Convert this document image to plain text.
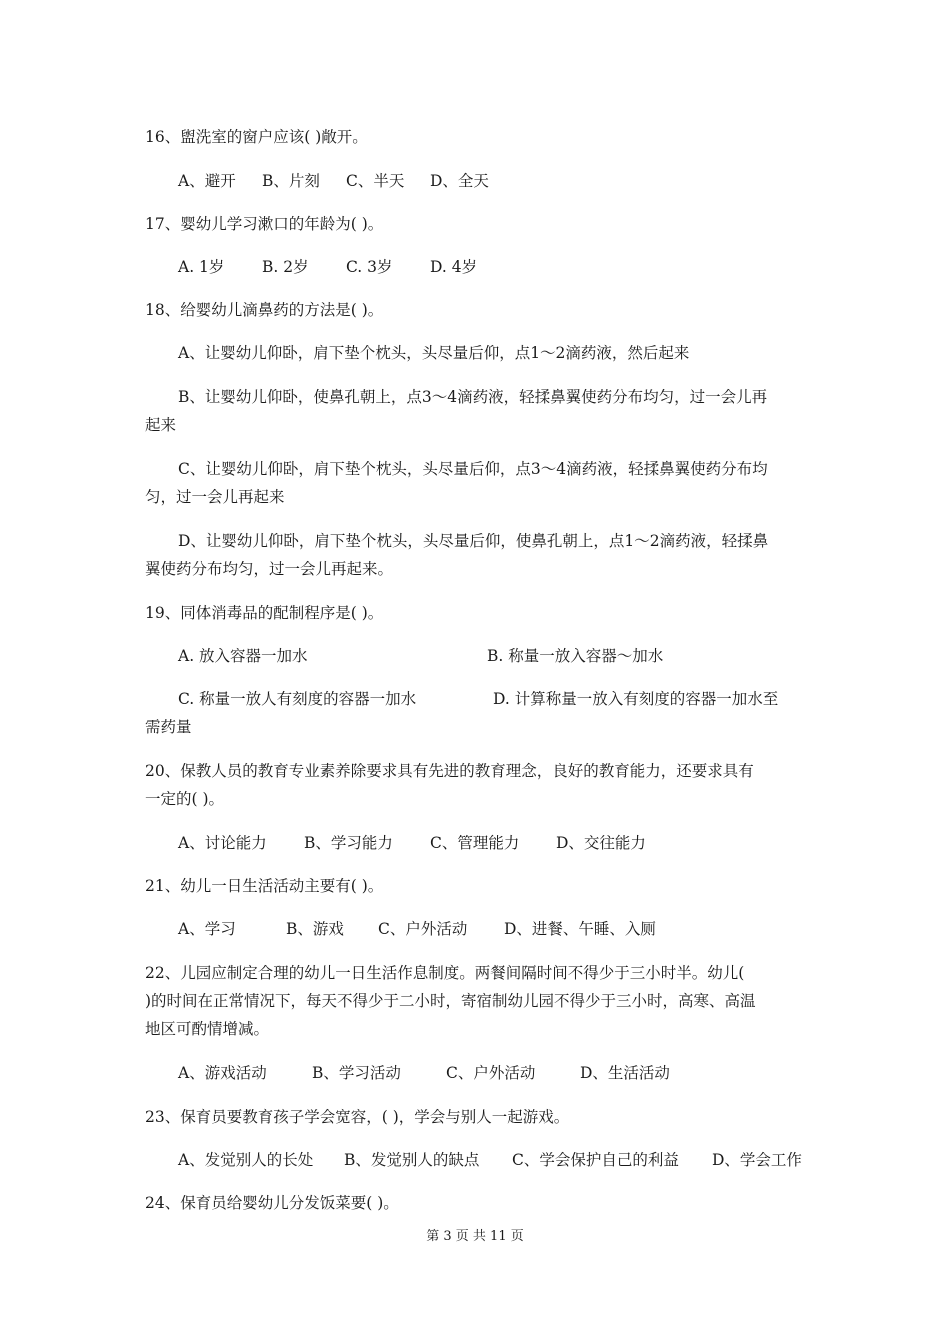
16、盥洗室的窗户应该( )敞开。
A、避开 B、片刻 C、半天 D、全天
17、婴幼儿学习漱口的年龄为( )。
A. 1岁 B. 2岁 C. 3岁 D. 4岁
18、给婴幼儿滴鼻药的方法是( )。
A、让婴幼儿仰卧，肩下垫个枕头，头尽量后仰，点1～2滴药液，然后起来
B、让婴幼儿仰卧，使鼻孔朝上，点3～4滴药液，轻揉鼻翼使药分布均匀，过一会儿再
起来
C、让婴幼儿仰卧，肩下垫个枕头，头尽量后仰，点3～4滴药液，轻揉鼻翼使药分布均
匀，过一会儿再起来
D、让婴幼儿仰卧，肩下垫个枕头，头尽量后仰，使鼻孔朝上，点1～2滴药液，轻揉鼻
翼使药分布均匀，过一会儿再起来。
19、同体消毒品的配制程序是( )。
A. 放入容器一加水	B. 称量一放入容器～加水
C. 称量一放人有刻度的容器一加水	D. 计算称量一放入有刻度的容器一加水至
需药量
20、保教人员的教育专业素养除要求具有先进的教育理念，良好的教育能力，还要求具有
一定的( )。
A、讨论能力 B、学习能力 C、管理能力 D、交往能力
21、幼儿一日生活活动主要有( )。
A、学习	B、游戏 C、户外活动 D、进餐、午睡、入厕
22、儿园应制定合理的幼儿一日生活作息制度。两餐间隔时间不得少于三小时半。幼儿(
)的时间在正常情况下，每天不得少于二小时，寄宿制幼儿园不得少于三小时，高寒、高温
地区可酌情增减。
A、游戏活动	B、学习活动	C、户外活动	D、生活活动
23、保育员要教育孩子学会宽容，( )，学会与别人一起游戏。
A、发觉别人的长处 B、发觉别人的缺点 C、学会保护自己的利益 D、学会工作
24、保育员给婴幼儿分发饭菜要( )。
第 3 页 共 11 页
